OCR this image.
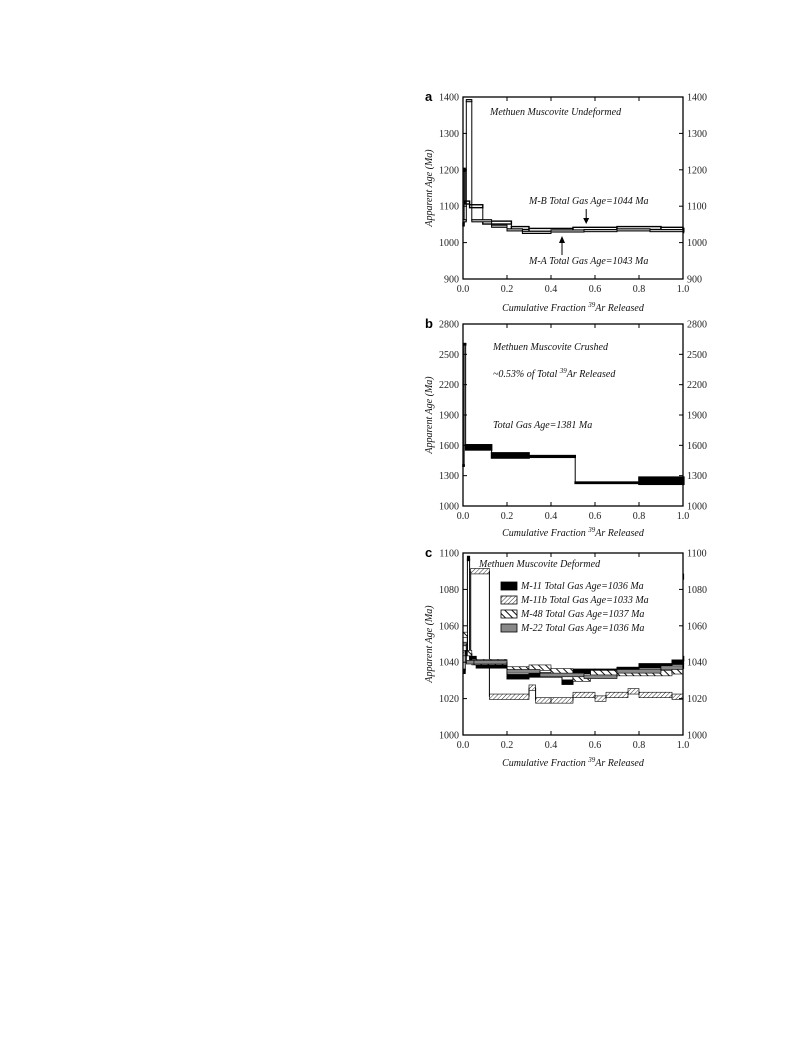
a
0.0	0.2	0.4	0.6	0.8	1.0
900	900
1000	1000
1100	1100
1200	1200
1300	1300
1400	1400
Cumulative Fraction $^{39}$Ar Released
Apparent Age (Ma)
Methuen Muscovite Undeformed
M-B Total Gas Age=1044 Ma
M-A Total Gas Age=1043 Ma
b
0.0	0.2	0.4	0.6	0.8	1.0
1000	1000
1300	1300
1600	1600
1900	1900
2200	2200
2500	2500
2800	2800
Cumulative Fraction $^{39}$Ar Released
Apparent Age (Ma)
Methuen Muscovite Crushed
~0.53% of Total $^{39}$Ar Released
Total Gas Age=1381 Ma
c
0.0	0.2	0.4	0.6	0.8	1.0
1000	1000
1020	1020
1040	1040
1060	1060
1080	1080
1100	1100
Cumulative Fraction $^{39}$Ar Released
Apparent Age (Ma)
Methuen Muscovite Deformed
M-11 Total Gas Age=1036 Ma
M-11b Total Gas Age=1033 Ma
M-48 Total Gas Age=1037 Ma
M-22 Total Gas Age=1036 Ma
